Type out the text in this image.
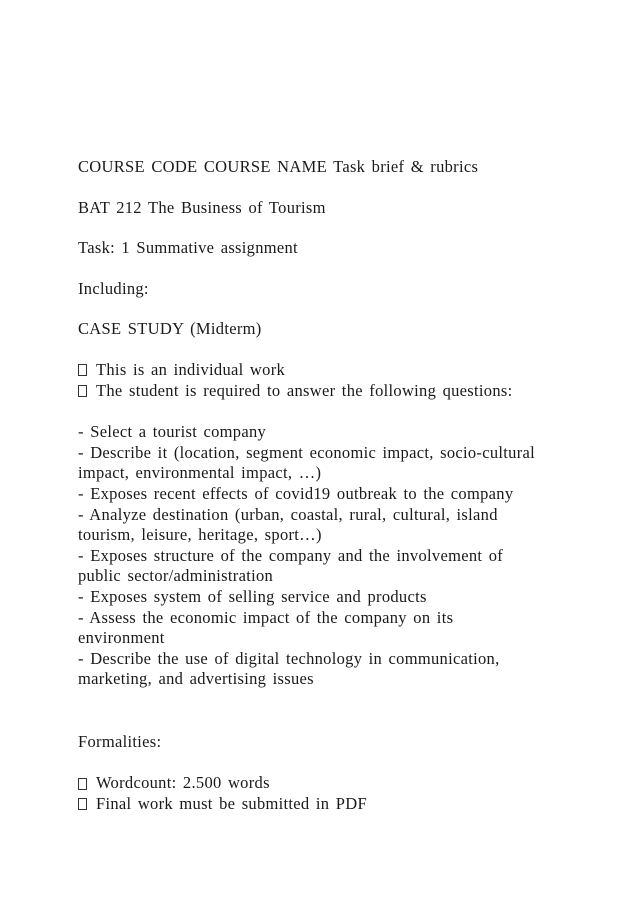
COURSE CODE COURSE NAME Task brief & rubrics
BAT 212 The Business of Tourism
Task: 1 Summative assignment
Including:
CASE STUDY (Midterm)
This is an individual work
The student is required to answer the following questions:
- Select a tourist company
- Describe it (location, segment economic impact, socio-cultural
impact, environmental impact, …)
- Exposes recent effects of covid19 outbreak to the company
- Analyze destination (urban, coastal, rural, cultural, island
tourism, leisure, heritage, sport…)
- Exposes structure of the company and the involvement of
public sector/administration
- Exposes system of selling service and products
- Assess the economic impact of the company on its
environment
- Describe the use of digital technology in communication,
marketing, and advertising issues
Formalities:
Wordcount: 2.500 words
Final work must be submitted in PDF
